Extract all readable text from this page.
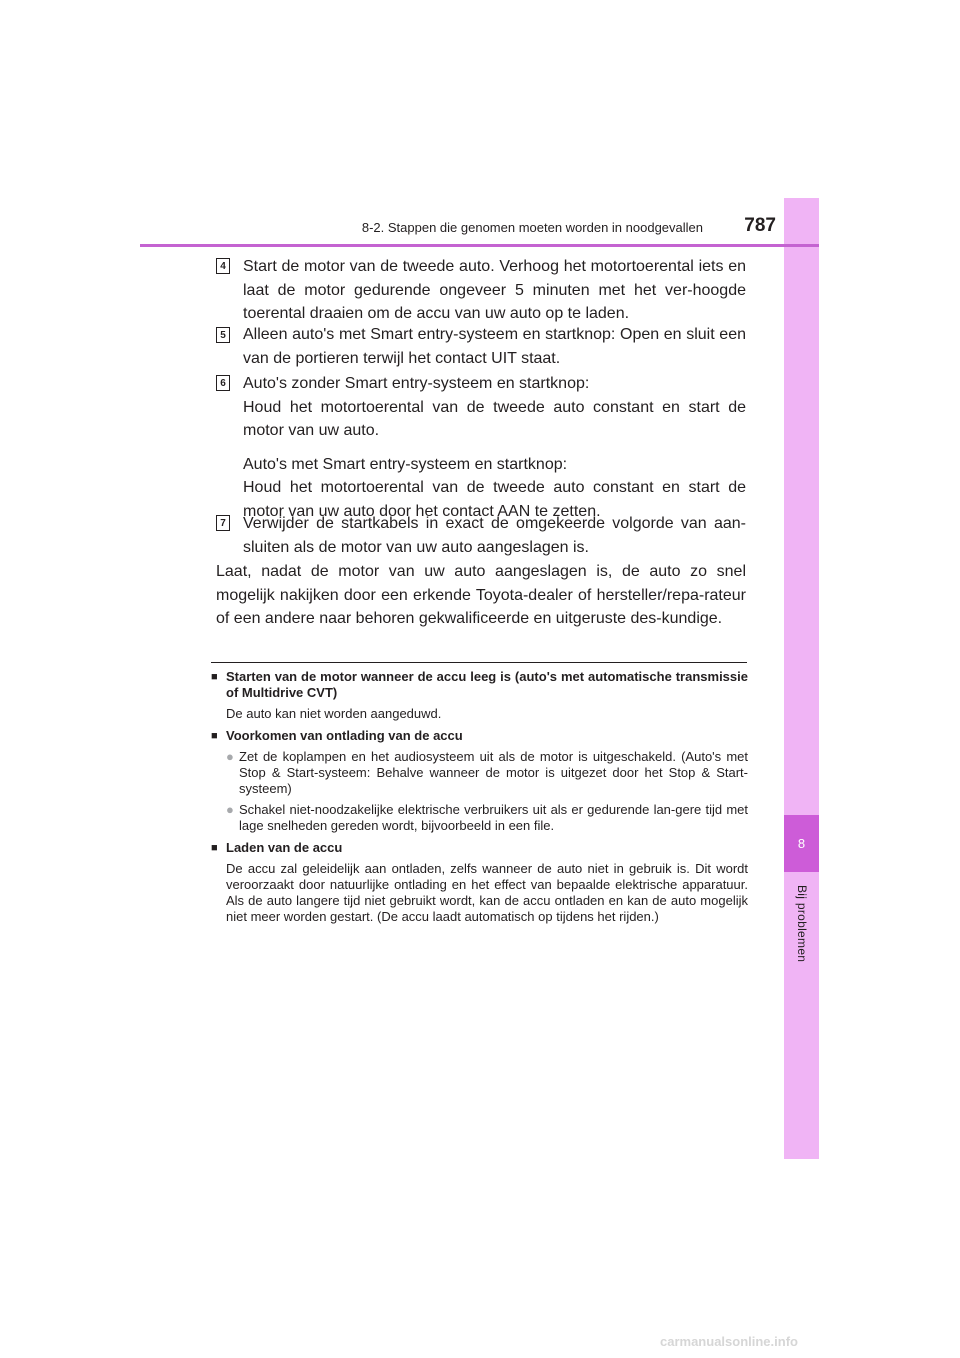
8
Bij problemen
8-2. Stappen die genomen moeten worden in noodgevallen	787
4 Start de motor van de tweede auto. Verhoog het motortoerental iets en laat de motor gedurende ongeveer 5 minuten met het ver-hoogde toerental draaien om de accu van uw auto op te laden.

5 Alleen auto's met Smart entry-systeem en startknop: Open en sluit een van de portieren terwijl het contact UIT staat.

6 Auto's zonder Smart entry-systeem en startknop:
Houd het motortoerental van de tweede auto constant en start de motor van uw auto.

Auto's met Smart entry-systeem en startknop:
Houd het motortoerental van de tweede auto constant en start de motor van uw auto door het contact AAN te zetten.

7 Verwijder de startkabels in exact de omgekeerde volgorde van aan-sluiten als de motor van uw auto aangeslagen is.

Laat, nadat de motor van uw auto aangeslagen is, de auto zo snel mogelijk nakijken door een erkende Toyota-dealer of hersteller/repa-rateur of een andere naar behoren gekwalificeerde en uitgeruste des-kundige.
■ Starten van de motor wanneer de accu leeg is (auto's met automatische transmissie of Multidrive CVT)
De auto kan niet worden aangeduwd.
■ Voorkomen van ontlading van de accu
● Zet de koplampen en het audiosysteem uit als de motor is uitgeschakeld. (Auto's met Stop & Start-systeem: Behalve wanneer de motor is uitgezet door het Stop & Start-systeem)
● Schakel niet-noodzakelijke elektrische verbruikers uit als er gedurende lan-gere tijd met lage snelheden gereden wordt, bijvoorbeeld in een file.
■ Laden van de accu
De accu zal geleidelijk aan ontladen, zelfs wanneer de auto niet in gebruik is. Dit wordt veroorzaakt door natuurlijke ontlading en het effect van bepaalde elektrische apparatuur. Als de auto langere tijd niet gebruikt wordt, kan de accu ontladen en kan de auto mogelijk niet meer worden gestart. (De accu laadt automatisch op tijdens het rijden.)
carmanualsonline.info
